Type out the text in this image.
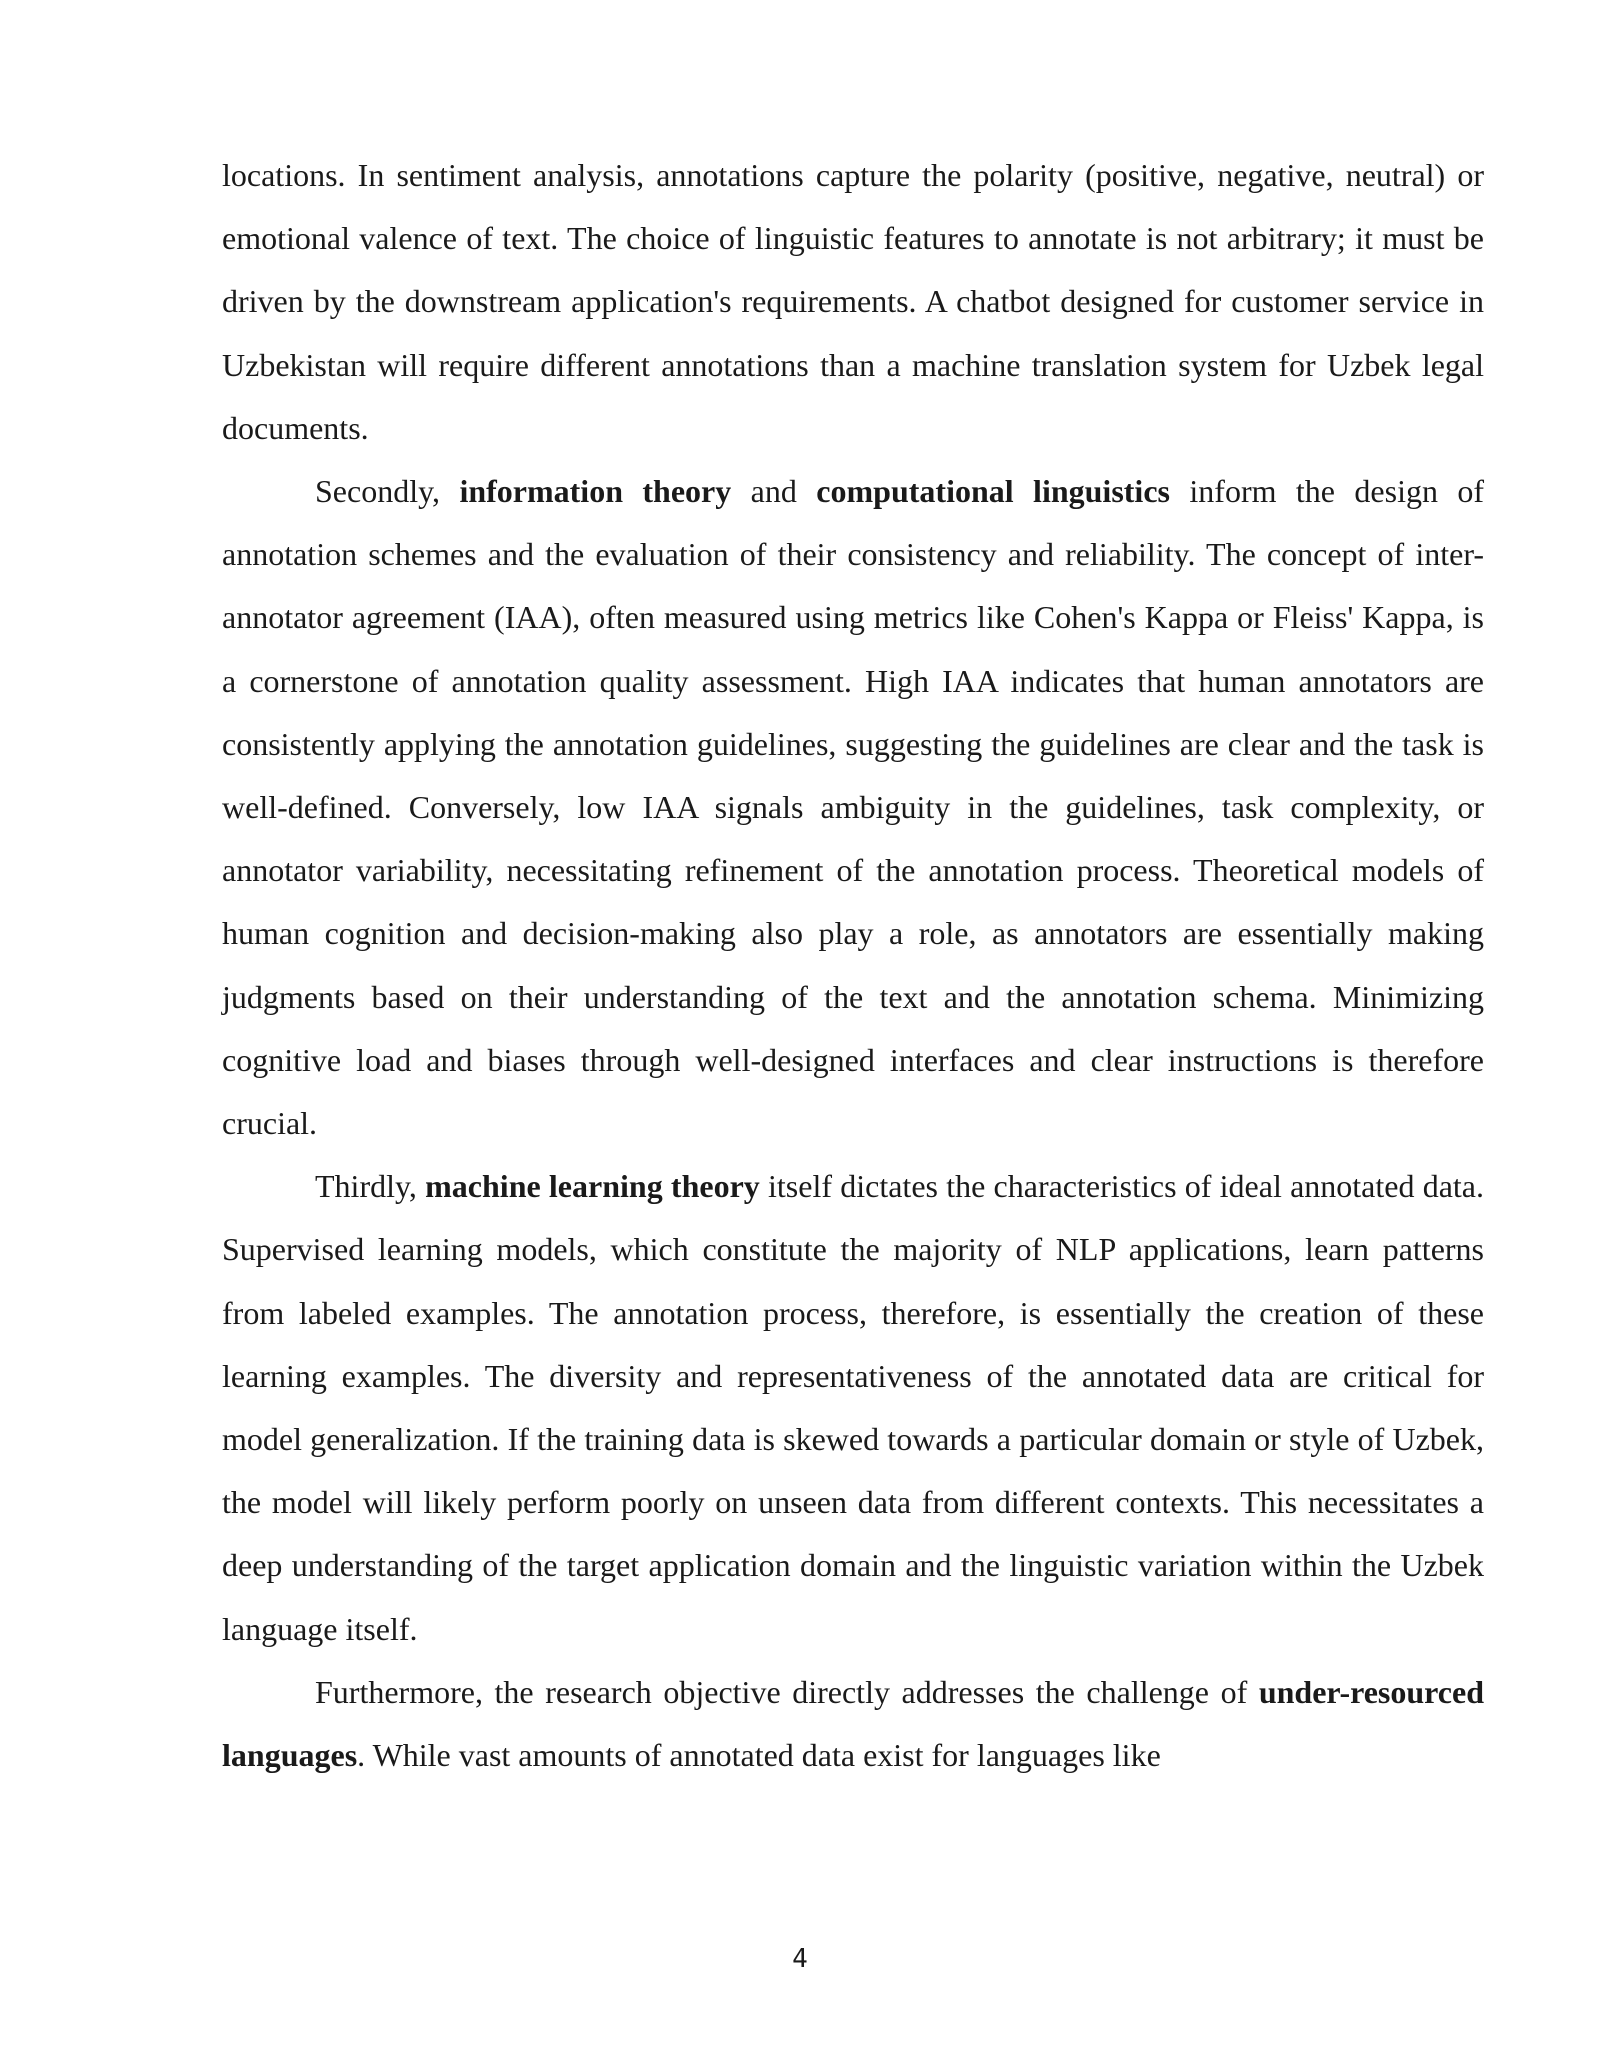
locations. In sentiment analysis, annotations capture the polarity (positive, negative, neutral) or emotional valence of text. The choice of linguistic features to annotate is not arbitrary; it must be driven by the downstream application's requirements. A chatbot designed for customer service in Uzbekistan will require different annotations than a machine translation system for Uzbek legal documents.

Secondly, information theory and computational linguistics inform the design of annotation schemes and the evaluation of their consistency and reliability. The concept of inter-annotator agreement (IAA), often measured using metrics like Cohen's Kappa or Fleiss' Kappa, is a cornerstone of annotation quality assessment. High IAA indicates that human annotators are consistently applying the annotation guidelines, suggesting the guidelines are clear and the task is well-defined. Conversely, low IAA signals ambiguity in the guidelines, task complexity, or annotator variability, necessitating refinement of the annotation process. Theoretical models of human cognition and decision-making also play a role, as annotators are essentially making judgments based on their understanding of the text and the annotation schema. Minimizing cognitive load and biases through well-designed interfaces and clear instructions is therefore crucial.

Thirdly, machine learning theory itself dictates the characteristics of ideal annotated data. Supervised learning models, which constitute the majority of NLP applications, learn patterns from labeled examples. The annotation process, therefore, is essentially the creation of these learning examples. The diversity and representativeness of the annotated data are critical for model generalization. If the training data is skewed towards a particular domain or style of Uzbek, the model will likely perform poorly on unseen data from different contexts. This necessitates a deep understanding of the target application domain and the linguistic variation within the Uzbek language itself.

Furthermore, the research objective directly addresses the challenge of under-resourced languages. While vast amounts of annotated data exist for languages like

4
